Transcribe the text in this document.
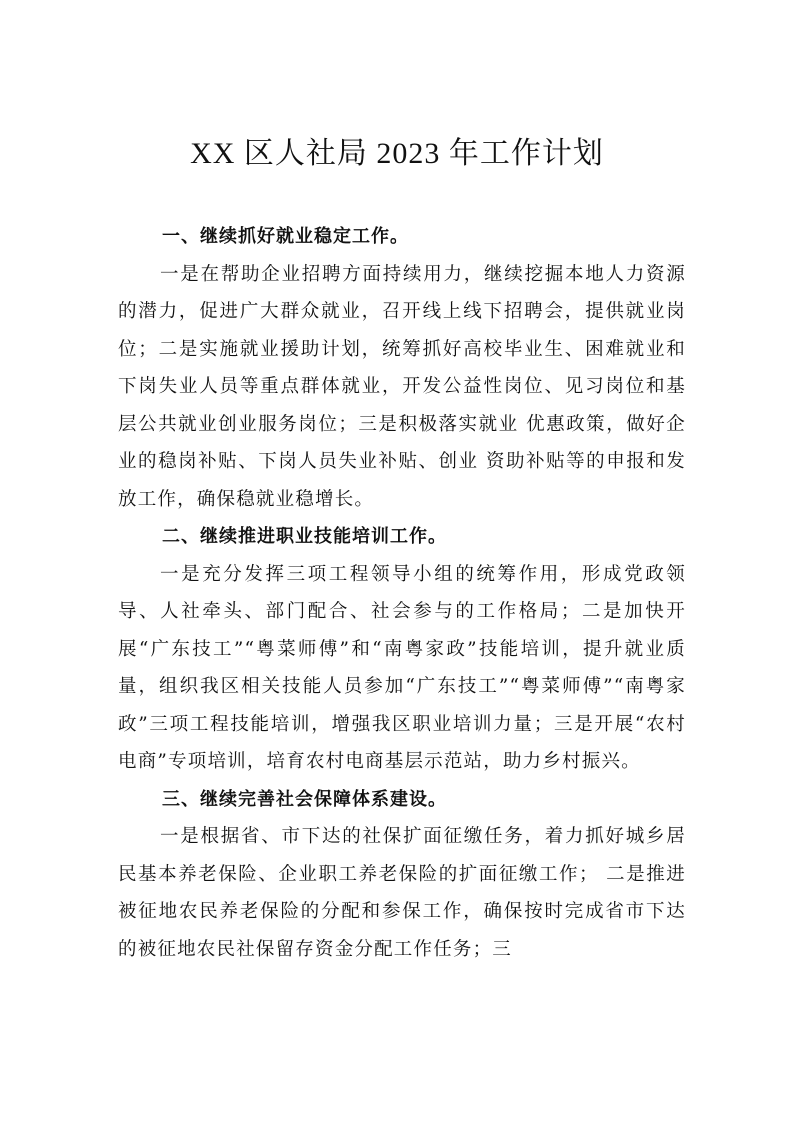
XX 区人社局 2023 年工作计划

一、继续抓好就业稳定工作。

一是在帮助企业招聘方面持续用力，继续挖掘本地人力资源的潜力，促进广大群众就业，召开线上线下招聘会，提供就业岗位；二是实施就业援助计划，统筹抓好高校毕业生、困难就业和下岗失业人员等重点群体就业，开发公益性岗位、见习岗位和基层公共就业创业服务岗位；三是积极落实就业 优惠政策，做好企业的稳岗补贴、下岗人员失业补贴、创业 资助补贴等的申报和发放工作，确保稳就业稳增长。

二、继续推进职业技能培训工作。

一是充分发挥三项工程领导小组的统筹作用，形成党政领导、人社牵头、部门配合、社会参与的工作格局；二是加快开展“广东技工”“粤菜师傅”和“南粤家政”技能培训，提升就业质量，组织我区相关技能人员参加“广东技工”“粤菜师傅”“南粤家政”三项工程技能培训，增强我区职业培训力量；三是开展“农村电商”专项培训，培育农村电商基层示范站，助力乡村振兴。

三、继续完善社会保障体系建设。

一是根据省、市下达的社保扩面征缴任务，着力抓好城乡居民基本养老保险、企业职工养老保险的扩面征缴工作； 二是推进被征地农民养老保险的分配和参保工作，确保按时完成省市下达的被征地农民社保留存资金分配工作任务；三
